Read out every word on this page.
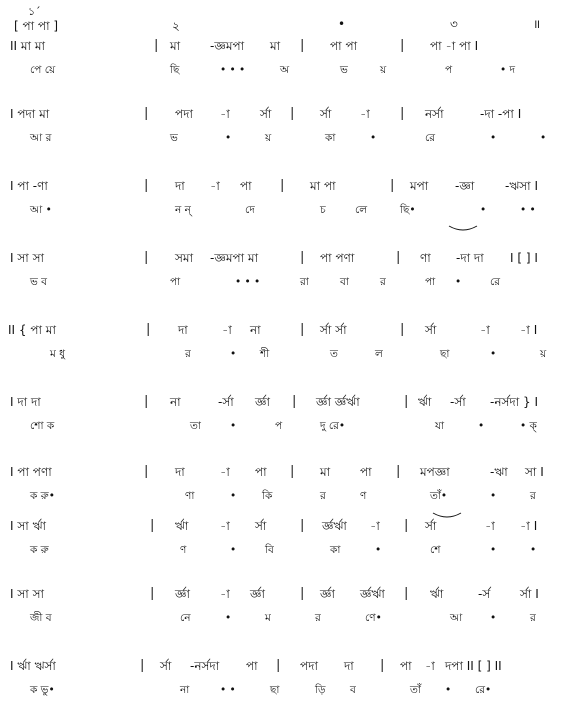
১´
[ পা পা ]	২	•	৩	॥
II মা মা	| মা -জ্ঞমপা মা | পা পা	| পা -া পা I
পে য়ে	ছি	• • •	অ	ভ	য়	প	• দ
I পদা মা	| পদা -া	র্সা | র্সা -া | নর্সা	-দা -পা I
আ র	ভ	•	য়	কা	•	রে	•	•
I পা -ণা	| দা -া পা | মা পা	| মপা -জ্ঞা	-ঋসা I
আ •	ন ন্‌	দে	চ	লে	ছি•	•	• •
I সা সা	| সমা -জ্ঞমপা মা	| পা পণা	| ণা -দা দা I [ ] I
ভ ব	পা	• • •	রা	বা	র	পা •	রে
II { পা মা	| দা	-া না	| র্সা র্সা	| র্সা	-া	-া I
ম ধু	র	• শী	ত	ল	ছা	•	য়
I দা দা	| না	-র্সা র্জ্ঞা | র্জ্ঞা র্জ্ঞর্ঋা	| র্ঋা -র্সা -নর্সদা } I
শো ক	তা	•	প	দু রে•	যা	•	• ক্‌
I পা পণা	| দা	-া পা | মা পা | মপজ্ঞা	-ঋা সা I
ক রু•	ণা	• কি	র	ণ	তাঁ•	•	র
I সা র্ঋা	| র্ঋা	-া র্সা	| র্জ্ঞর্ঋা -া | র্সা	-া -া I
ক রু	ণ	•	বি	কা	•	শে	•	•
I সা সা	| র্জ্ঞা	-া র্জ্ঞা	| র্জ্ঞা র্জ্ঞর্ঋা | র্ঋা	-র্স র্সা I
জী ব	নে	•	ম	র	ণে•	আ	•	র
I র্ঋা ঋর্সা	| র্সা -নর্সদা পা | পদা দা | পা -া দপা II [ ] II
ক ভু•	না	• •	ছা	ড়ি ব	তাঁ • রে•
